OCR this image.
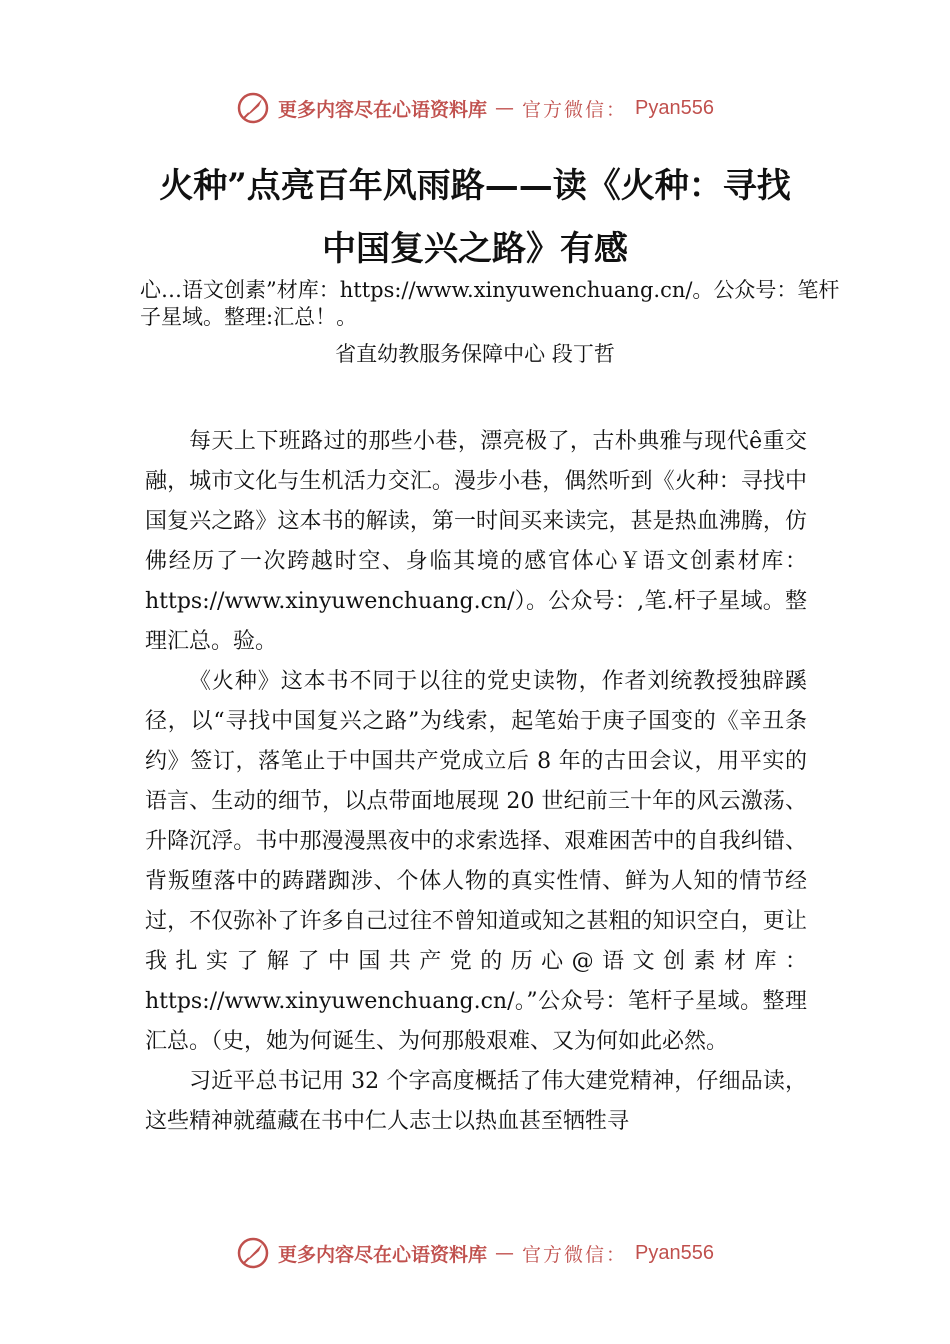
更多内容尽在心语资料库 — 官方微信： Pyan556
火种”点亮百年风雨路——读《火种：寻找
中国复兴之路》有感
心…语文创素”材库：https://www.xinyuwenchuang.cn/。公众号：笔杆子星域。整理:汇总！。
省直幼教服务保障中心 段丁哲

每天上下班路过的那些小巷，漂亮极了，古朴典雅与现代ê重交融，城市文化与生机活力交汇。漫步小巷，偶然听到《火种：寻找中国复兴之路》这本书的解读，第一时间买来读完，甚是热血沸腾，仿佛经历了一次跨越时空、身临其境的感官体心￥语文创素材库：https://www.xinyuwenchuang.cn/）。公众号：,笔.杆子星域。整理汇总。验。

《火种》这本书不同于以往的党史读物，作者刘统教授独辟蹊径，以“寻找中国复兴之路”为线索，起笔始于庚子国变的《辛丑条约》签订，落笔止于中国共产党成立后 8 年的古田会议，用平实的语言、生动的细节，以点带面地展现 20 世纪前三十年的风云激荡、升降沉浮。书中那漫漫黑夜中的求索选择、艰难困苦中的自我纠错、背叛堕落中的踌躇踟涉、个体人物的真实性情、鲜为人知的情节经过，不仅弥补了许多自己过往不曾知道或知之甚粗的知识空白，更让我扎实了解了中国共产党的历心@语文创素材库：https://www.xinyuwenchuang.cn/。”公众号：笔杆子星域。整理汇总。（史，她为何诞生、为何那般艰难、又为何如此必然。

习近平总书记用 32 个字高度概括了伟大建党精神，仔细品读，这些精神就蕴藏在书中仁人志士以热血甚至牺牲寻

更多内容尽在心语资料库 — 官方微信： Pyan556
